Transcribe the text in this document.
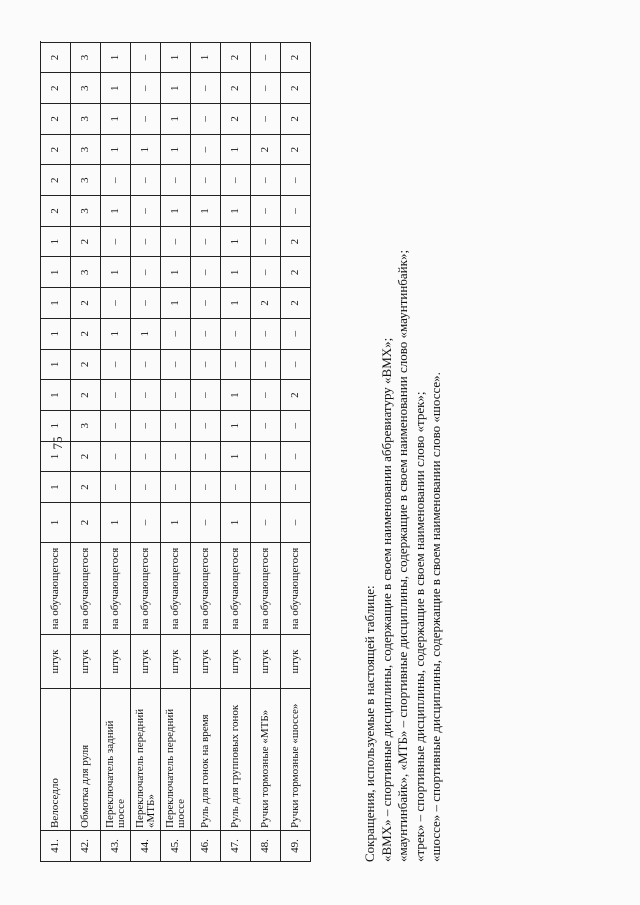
75
41.
Велоседло
штук
на обучающегося
1
1
1
1
1
1
1
1
1
1
2
2
2
2
2
2
42.
Обмотка для руля
штук
на обучающегося
2
2
2
3
2
2
2
2
3
2
3
3
3
3
3
3
43.
Переключатель задний шоссе
штук
на обучающегося
1
–
–
–
–
–
1
–
1
–
1
–
1
1
1
1
44.
Переключатель передний «МТБ»
штук
на обучающегося
–
–
–
–
–
–
1
–
–
–
–
–
1
–
–
–
45.
Переключатель передний шоссе
штук
на обучающегося
1
–
–
–
–
–
–
1
1
–
1
–
1
1
1
1
46.
Руль для гонок на время
штук
на обучающегося
–
–
–
–
–
–
–
–
–
–
1
–
–
–
–
1
47.
Руль для групповых гонок
штук
на обучающегося
1
–
1
1
1
–
–
1
1
1
1
–
1
2
2
2
48.
Ручки тормозные «МТБ»
штук
на обучающегося
–
–
–
–
–
–
–
2
–
–
–
–
2
–
–
–
49.
Ручки тормозные «шоссе»
штук
на обучающегося
–
–
–
–
2
–
–
2
2
2
–
–
2
2
2
2
Сокращения, используемые в настоящей таблице: «BMX» – спортивные дисциплины, содержащие в своем наименовании аббревиатуру «BMX»; «маунтинбайк», «МТБ» – спортивные дисциплины, содержащие в своем наименовании слово «маунтинбайк»; «трек» – спортивные дисциплины, содержащие в своем наименовании слово «трек»; «шоссе» – спортивные дисциплины, содержащие в своем наименовании слово «шоссе».
